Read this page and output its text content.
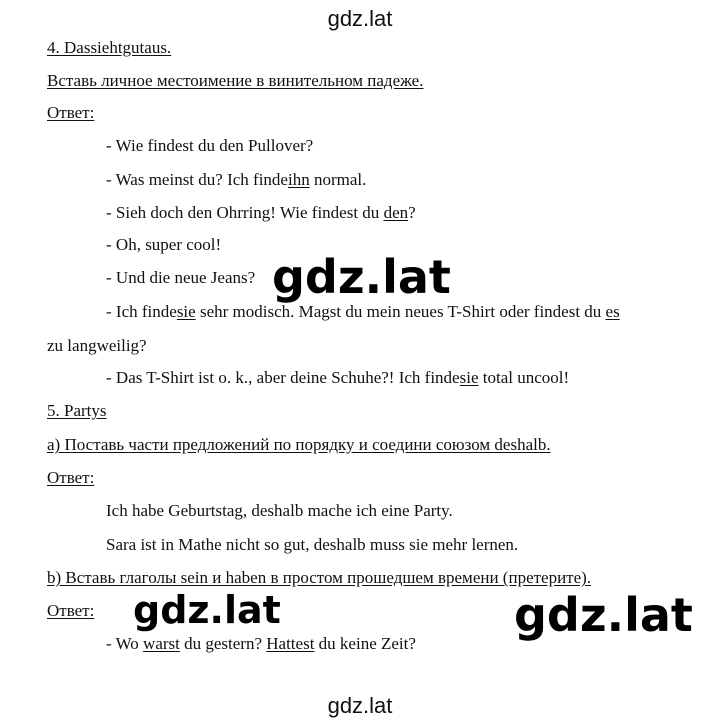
gdz.lat
4. Dassiehtgutaus.
Вставь личное местоимение в винительном падеже.
Ответ:
- Wie findest du den Pullover?
- Was meinst du? Ich findeihn normal.
- Sieh doch den Ohrring! Wie findest du den?
- Oh, super cool!
- Und die neue Jeans?
- Ich findesie sehr modisch. Magst du mein neues T-Shirt oder findest du es
zu langweilig?
- Das T-Shirt ist o. k., aber deine Schuhe?! Ich findesie total uncool!
5. Partys
a) Поставь части предложений по порядку и соедини союзом deshalb.
Ответ:
Ich habe Geburtstag, deshalb mache ich eine Party.
Sara ist in Mathe nicht so gut, deshalb muss sie mehr lernen.
b) Вставь глаголы sein и haben в простом прошедшем времени (претерите).
Ответ:
- Wo warst du gestern? Hattest du keine Zeit?
gdz.lat
gdz.lat	gdz.lat
gdz.lat
